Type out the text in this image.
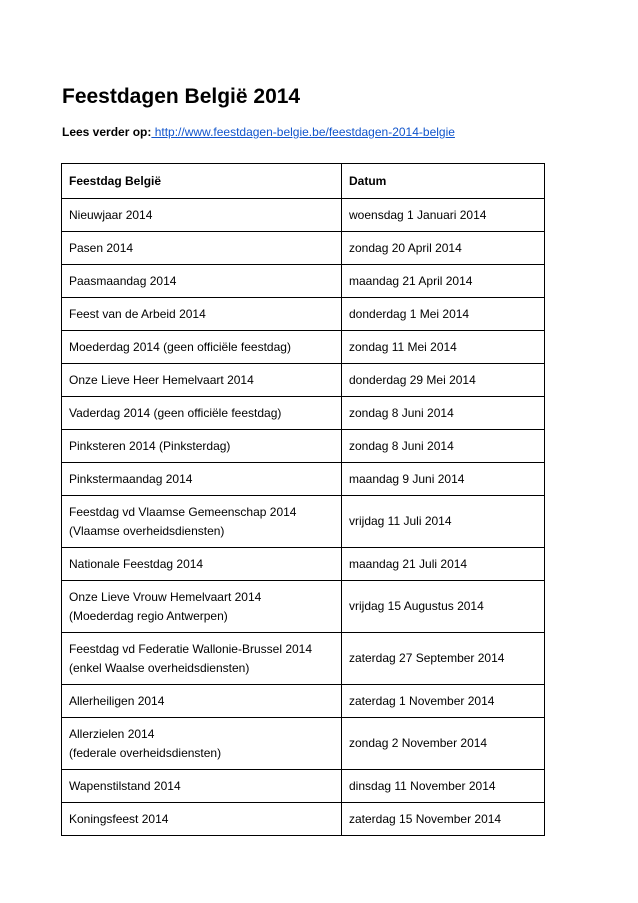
Feestdagen België 2014
Lees verder op: http://www.feestdagen-belgie.be/feestdagen-2014-belgie
Feestdag België	Datum
Nieuwjaar 2014	woensdag 1 Januari 2014
Pasen 2014	zondag 20 April 2014
Paasmaandag 2014	maandag 21 April 2014
Feest van de Arbeid 2014	donderdag 1 Mei 2014
Moederdag 2014 (geen officiële feestdag)	zondag 11 Mei 2014
Onze Lieve Heer Hemelvaart 2014	donderdag 29 Mei 2014
Vaderdag 2014 (geen officiële feestdag)	zondag 8 Juni 2014
Pinksteren 2014 (Pinksterdag)	zondag 8 Juni 2014
Pinkstermaandag 2014	maandag 9 Juni 2014
Feestdag vd Vlaamse Gemeenschap 2014
(Vlaamse overheidsdiensten)	vrijdag 11 Juli 2014
Nationale Feestdag 2014	maandag 21 Juli 2014
Onze Lieve Vrouw Hemelvaart 2014
(Moederdag regio Antwerpen)	vrijdag 15 Augustus 2014
Feestdag vd Federatie Wallonie-Brussel 2014
(enkel Waalse overheidsdiensten)	zaterdag 27 September 2014
Allerheiligen 2014	zaterdag 1 November 2014
Allerzielen 2014
(federale overheidsdiensten)	zondag 2 November 2014
Wapenstilstand 2014	dinsdag 11 November 2014
Koningsfeest 2014	zaterdag 15 November 2014
